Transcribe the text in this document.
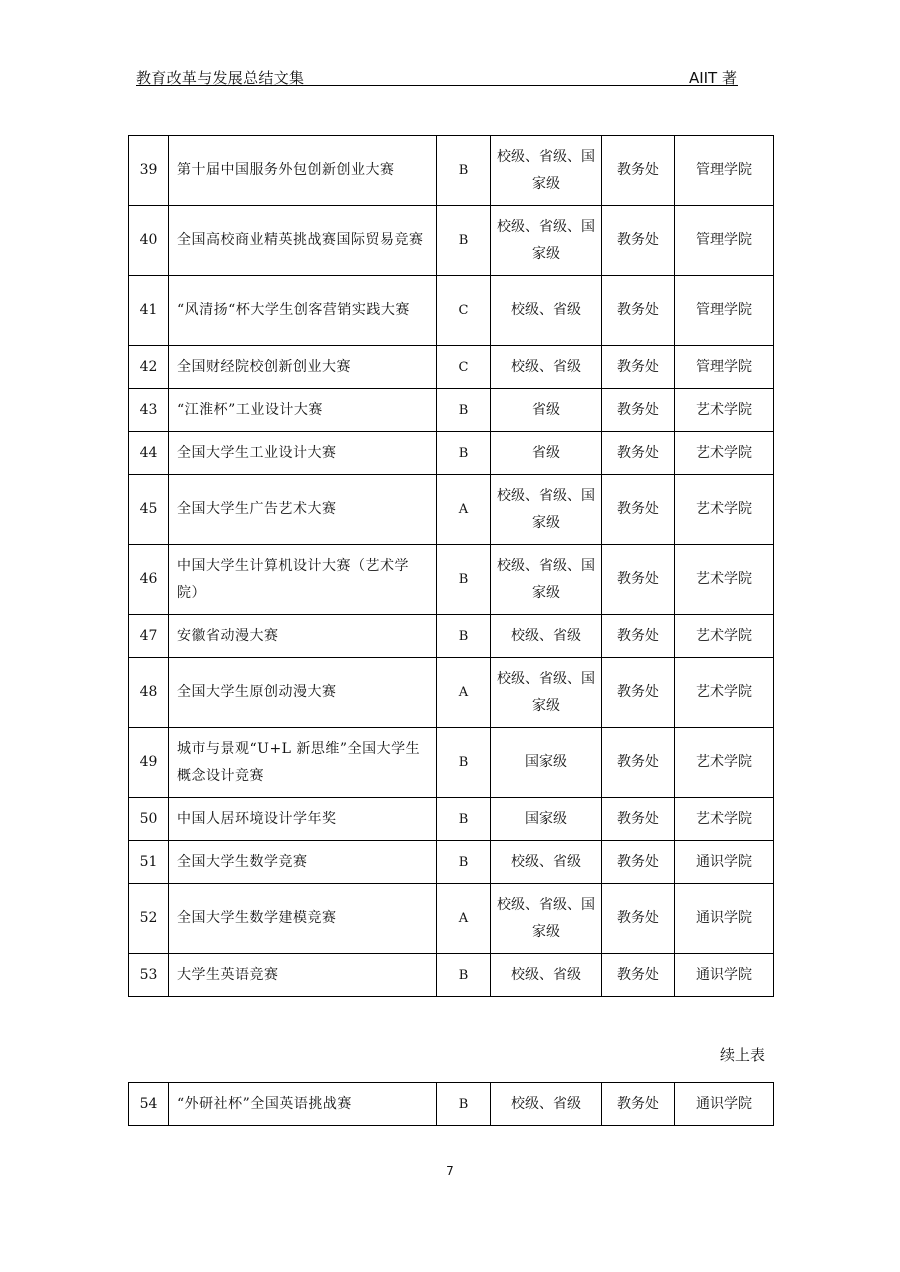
教育改革与发展总结文集	AIIT 著
39	第十届中国服务外包创新创业大赛	B	校级、省级、国家级	教务处	管理学院
40	全国高校商业精英挑战赛国际贸易竞赛	B	校级、省级、国家级	教务处	管理学院
41	“风清扬“杯大学生创客营销实践大赛	C	校级、省级	教务处	管理学院
42	全国财经院校创新创业大赛	C	校级、省级	教务处	管理学院
43	“江淮杯”工业设计大赛	B	省级	教务处	艺术学院
44	全国大学生工业设计大赛	B	省级	教务处	艺术学院
45	全国大学生广告艺术大赛	A	校级、省级、国家级	教务处	艺术学院
46	中国大学生计算机设计大赛（艺术学院）	B	校级、省级、国家级	教务处	艺术学院
47	安徽省动漫大赛	B	校级、省级	教务处	艺术学院
48	全国大学生原创动漫大赛	A	校级、省级、国家级	教务处	艺术学院
49	城市与景观“U+L 新思维”全国大学生概念设计竞赛	B	国家级	教务处	艺术学院
50	中国人居环境设计学年奖	B	国家级	教务处	艺术学院
51	全国大学生数学竞赛	B	校级、省级	教务处	通识学院
52	全国大学生数学建模竞赛	A	校级、省级、国家级	教务处	通识学院
53	大学生英语竞赛	B	校级、省级	教务处	通识学院
续上表
54	“外研社杯”全国英语挑战赛	B	校级、省级	教务处	通识学院
7
